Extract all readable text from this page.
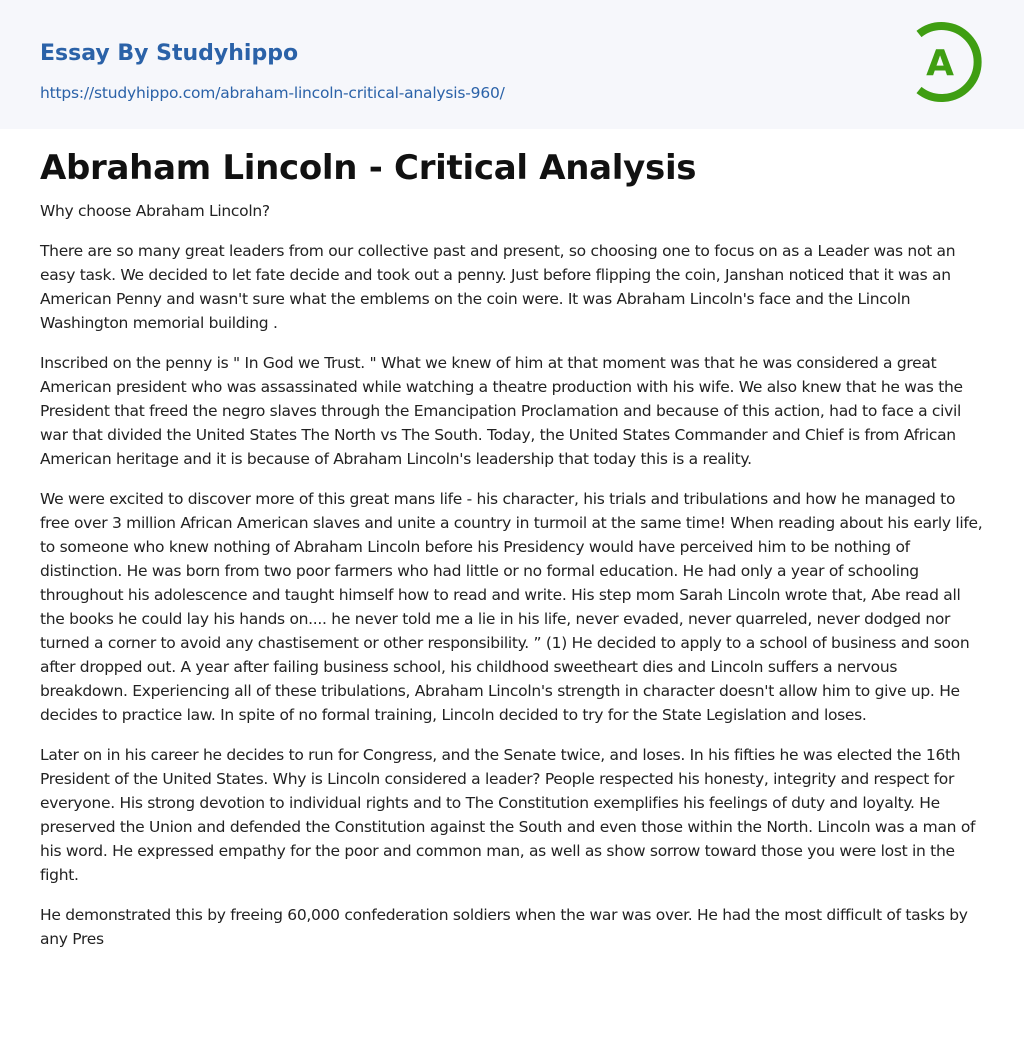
Essay By Studyhippo
https://studyhippo.com/abraham-lincoln-critical-analysis-960/
A
Abraham Lincoln - Critical Analysis

Why choose Abraham Lincoln?

There are so many great leaders from our collective past and present, so choosing one to focus on as a Leader was not an easy task. We decided to let fate decide and took out a penny. Just before flipping the coin, Janshan noticed that it was an American Penny and wasn't sure what the emblems on the coin were. It was Abraham Lincoln's face and the Lincoln Washington memorial building .

Inscribed on the penny is " In God we Trust. " What we knew of him at that moment was that he was considered a great American president who was assassinated while watching a theatre production with his wife. We also knew that he was the President that freed the negro slaves through the Emancipation Proclamation and because of this action, had to face a civil war that divided the United States The North vs The South. Today, the United States Commander and Chief is from African American heritage and it is because of Abraham Lincoln's leadership that today this is a reality.

We were excited to discover more of this great mans life - his character, his trials and tribulations and how he managed to free over 3 million African American slaves and unite a country in turmoil at the same time! When reading about his early life, to someone who knew nothing of Abraham Lincoln before his Presidency would have perceived him to be nothing of distinction. He was born from two poor farmers who had little or no formal education. He had only a year of schooling throughout his adolescence and taught himself how to read and write. His step mom Sarah Lincoln wrote that, Abe read all the books he could lay his hands on.... he never told me a lie in his life, never evaded, never quarreled, never dodged nor turned a corner to avoid any chastisement or other responsibility. ” (1) He decided to apply to a school of business and soon after dropped out. A year after failing business school, his childhood sweetheart dies and Lincoln suffers a nervous breakdown. Experiencing all of these tribulations, Abraham Lincoln's strength in character doesn't allow him to give up. He decides to practice law. In spite of no formal training, Lincoln decided to try for the State Legislation and loses.

Later on in his career he decides to run for Congress, and the Senate twice, and loses. In his fifties he was elected the 16th President of the United States. Why is Lincoln considered a leader? People respected his honesty, integrity and respect for everyone. His strong devotion to individual rights and to The Constitution exemplifies his feelings of duty and loyalty. He preserved the Union and defended the Constitution against the South and even those within the North. Lincoln was a man of his word. He expressed empathy for the poor and common man, as well as show sorrow toward those you were lost in the fight.

He demonstrated this by freeing 60,000 confederation soldiers when the war was over. He had the most difficult of tasks by any Pres
